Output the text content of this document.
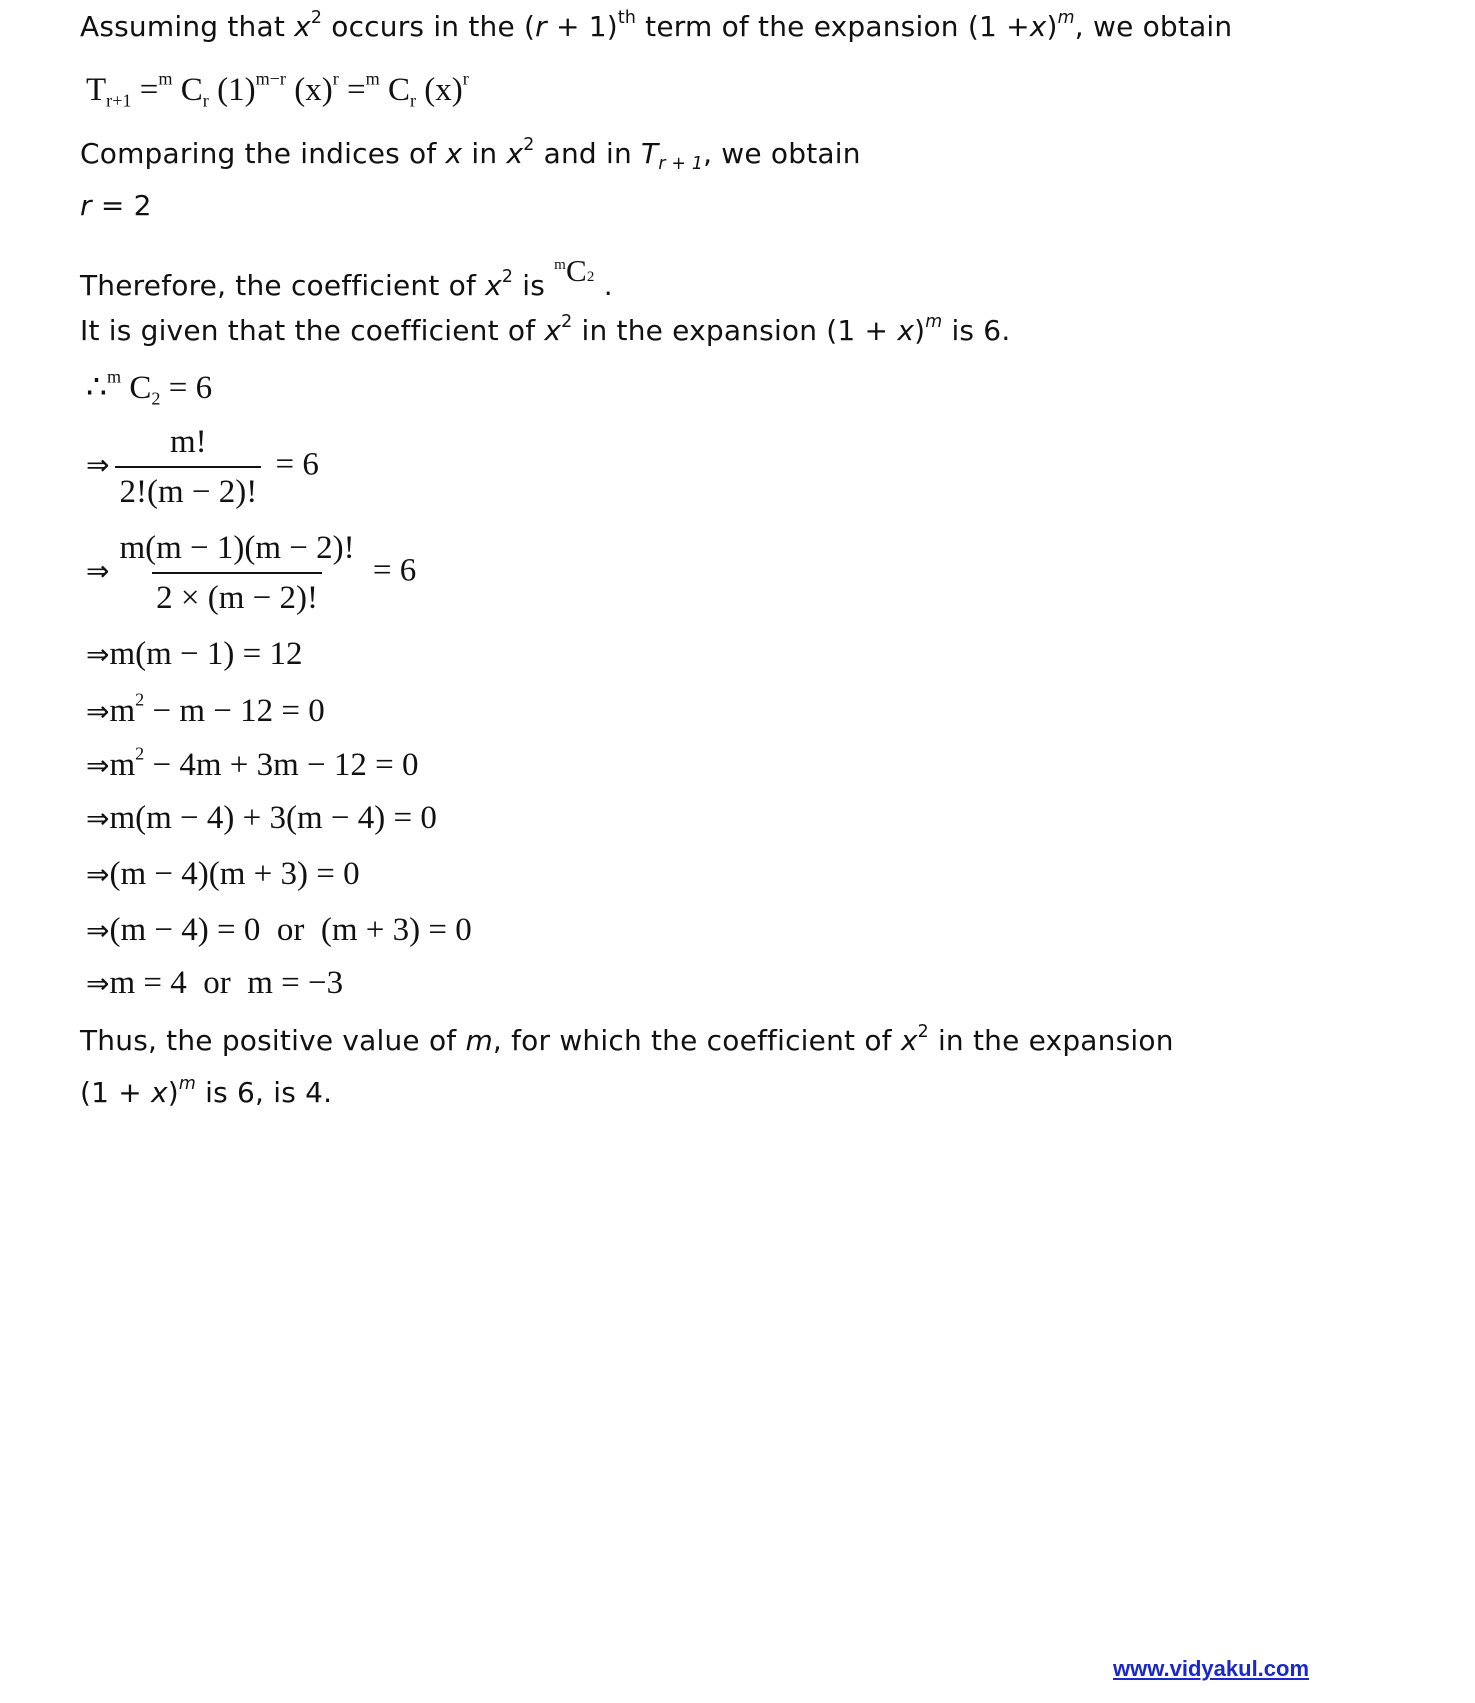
Assuming that $x^2$ occurs in the $(r + 1)^{th}$ term of the expansion $(1 +x)^m$, we obtain
Tr+1 =$^m$ Cr $(1)^{m-r}$ $(x)^r =^m$ Cr $(x)^r$
Comparing the indices of x in $x^2$ and in $T_{r + 1}$, we obtain
r = 2
Therefore, the coefficient of $x^2$ is $^m$C2 .
It is given that the coefficient of $x^2$ in the expansion $(1 + x)^m$ is 6.
∴$^m$ C2 = 6
⇒ $\frac{m!}{2!(m - 2)!} = 6$
⇒ $\frac{m(m - 1)(m - 2)!}{2 \times (m - 2)!} = 6$
⇒m(m − 1) = 12
$\Rightarrow m^2 - m - 12 = 0$
$\Rightarrow m^2 - 4m + 3m - 12 = 0$
⇒m(m − 4) + 3(m − 4) = 0
⇒(m − 4)(m + 3) = 0
⇒(m − 4) = 0  or  (m + 3) = 0
⇒m = 4  or  m = −3
Thus, the positive value of m, for which the coefficient of $x^2$ in the expansion
$(1 + x)^m$ is 6, is 4.
www.vidyakul.com
